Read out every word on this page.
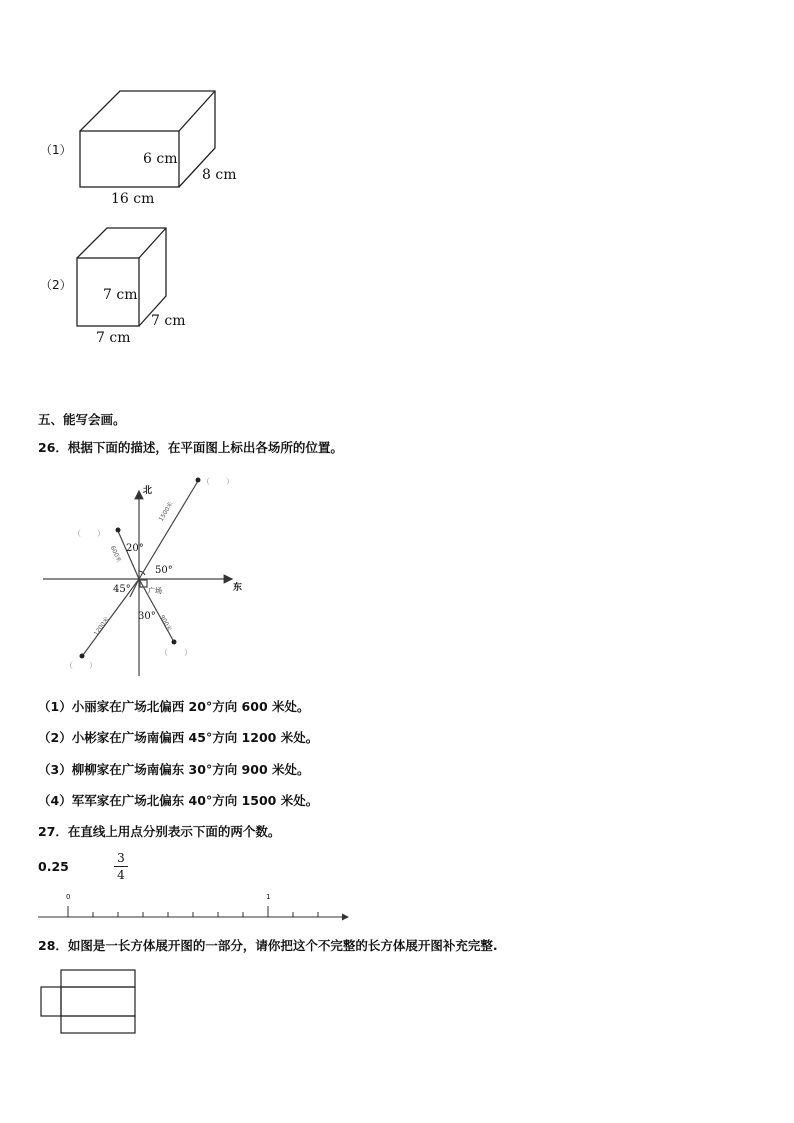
（1）
6 cm
8 cm
16 cm
（2）
7 cm
7 cm
7 cm
五、能写会画。
26．根据下面的描述，在平面图上标出各场所的位置。
北
东
广场
20°
50°
45°
30°
1500米
600米
1200米	900米
（　　）
（　　）
（　　）
（　　）
（1）小丽家在广场北偏西 20°方向 600 米处。
（2）小彬家在广场南偏西 45°方向 1200 米处。
（3）柳柳家在广场南偏东 30°方向 900 米处。
（4）军军家在广场北偏东 40°方向 1500 米处。
27．在直线上用点分别表示下面的两个数。
0.25
3
4
0	1
28．如图是一长方体展开图的一部分，请你把这个不完整的长方体展开图补充完整.
